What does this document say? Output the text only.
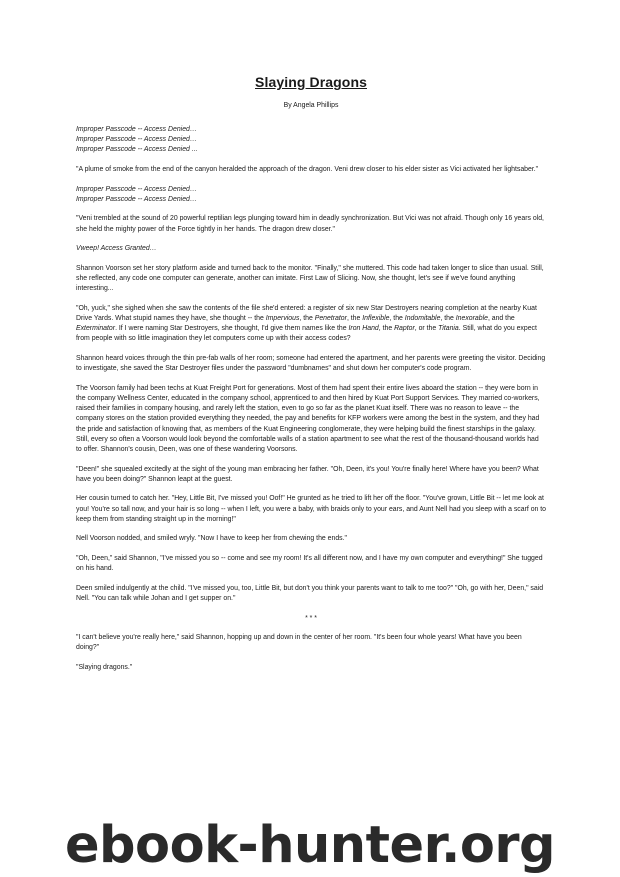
Slaying Dragons
By Angela Phillips

Improper Passcode -- Access Denied…

Improper Passcode -- Access Denied…

Improper Passcode -- Access Denied ...

"A plume of smoke from the end of the canyon heralded the approach of the dragon. Veni drew closer to his elder sister as Vici activated her lightsaber."

Improper Passcode -- Access Denied…

Improper Passcode -- Access Denied…

"Veni trembled at the sound of 20 powerful reptilian legs plunging toward him in deadly synchronization. But Vici was not afraid. Though only 16 years old, she held the mighty power of the Force tightly in her hands. The dragon drew closer."

Vweep! Access Granted…

Shannon Voorson set her story platform aside and turned back to the monitor. "Finally," she muttered. This code had taken longer to slice than usual. Still, she reflected, any code one computer can generate, another can imitate. First Law of Slicing. Now, she thought, let's see if we've found anything interesting...

"Oh, yuck," she sighed when she saw the contents of the file she'd entered: a register of six new Star Destroyers nearing completion at the nearby Kuat Drive Yards. What stupid names they have, she thought -- the Impervious, the Penetrator, the Inflexible, the Indomitable, the Inexorable, and the Exterminator. If I were naming Star Destroyers, she thought, I'd give them names like the Iron Hand, the Raptor, or the Titania. Still, what do you expect from people with so little imagination they let computers come up with their access codes?

Shannon heard voices through the thin pre-fab walls of her room; someone had entered the apartment, and her parents were greeting the visitor. Deciding to investigate, she saved the Star Destroyer files under the password "dumbnames" and shut down her computer's code program.

The Voorson family had been techs at Kuat Freight Port for generations. Most of them had spent their entire lives aboard the station -- they were born in the company Wellness Center, educated in the company school, apprenticed to and then hired by Kuat Port Support Services. They married co-workers, raised their families in company housing, and rarely left the station, even to go so far as the planet Kuat itself. There was no reason to leave -- the company stores on the station provided everything they needed, the pay and benefits for KFP workers were among the best in the system, and they had the pride and satisfaction of knowing that, as members of the Kuat Engineering conglomerate, they were helping build the finest starships in the galaxy. Still, every so often a Voorson would look beyond the comfortable walls of a station apartment to see what the rest of the thousand-thousand worlds had to offer. Shannon's cousin, Deen, was one of these wandering Voorsons.

"Deen!" she squealed excitedly at the sight of the young man embracing her father. "Oh, Deen, it's you! You're finally here! Where have you been? What have you been doing?" Shannon leapt at the guest.

Her cousin turned to catch her. "Hey, Little Bit, I've missed you! Oof!" He grunted as he tried to lift her off the floor. "You've grown, Little Bit -- let me look at you! You're so tall now, and your hair is so long -- when I left, you were a baby, with braids only to your ears, and Aunt Nell had you sleep with a scarf on to keep them from standing straight up in the morning!"

Nell Voorson nodded, and smiled wryly. "Now I have to keep her from chewing the ends."

"Oh, Deen," said Shannon, "I've missed you so -- come and see my room! It's all different now, and I have my own computer and everything!" She tugged on his hand.

Deen smiled indulgently at the child. "I've missed you, too, Little Bit, but don't you think your parents want to talk to me too?" "Oh, go with her, Deen," said Nell. "You can talk while Johan and I get supper on."

* * *

"I can't believe you're really here," said Shannon, hopping up and down in the center of her room. "It's been four whole years! What have you been doing?"

"Slaying dragons."

ebook-hunter.org
